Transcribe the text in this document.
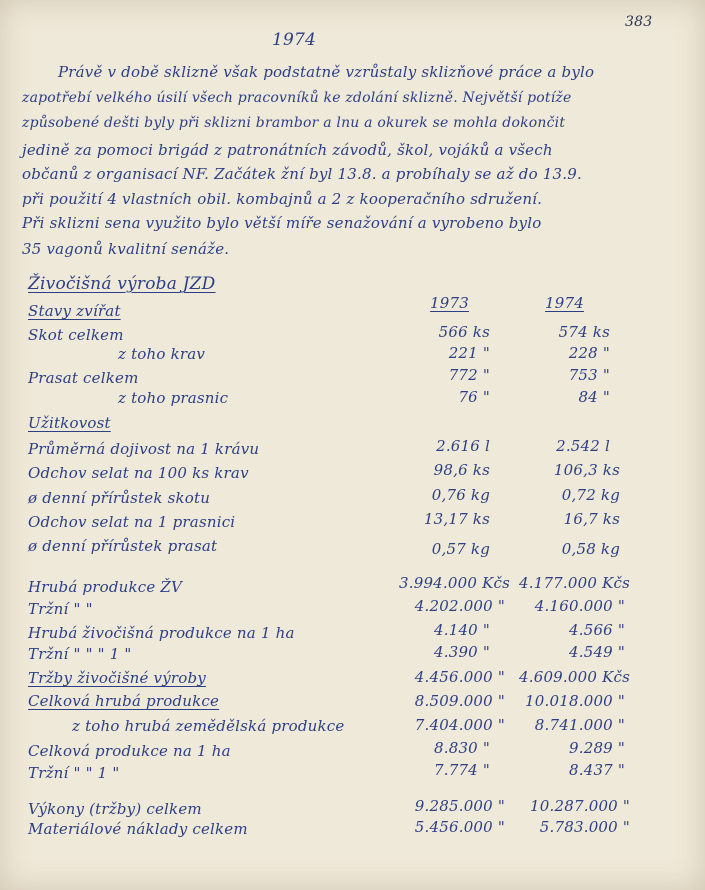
383
1974
Právě v době sklizně však podstatně vzrůstaly sklizňové práce a bylo
zapotřebí velkého úsilí všech pracovníků ke zdolání sklizně. Největší potíže
způsobené dešti byly při sklizni brambor a lnu a okurek se mohla dokončit
jedině za pomoci brigád z patronátních závodů, škol, vojáků a všech
občanů z organisací NF. Začátek žní byl 13.8. a probíhaly se až do 13.9.
při použití 4 vlastních obil. kombajnů a 2 z kooperačního sdružení.
Při sklizni sena využito bylo větší míře senažování a vyrobeno bylo
35 vagonů kvalitní senáže.
Živočišná výroba JZD
1973	1974
Stavy zvířat
Skot celkem	566 ks	574 ks
z toho krav	221 "	228 "
Prasat celkem	772 "	753 "
z toho prasnic	76 "	84 "
Užitkovost
Průměrná dojivost na 1 krávu	2.616 l	2.542 l
Odchov selat na 100 ks krav	98,6 ks	106,3 ks
ø denní přírůstek skotu	0,76 kg	0,72 kg
Odchov selat na 1 prasnici	13,17 ks	16,7 ks
ø denní přírůstek prasat	0,57 kg	0,58 kg
Hrubá produkce ŽV	3.994.000 Kčs 4.177.000 Kčs
Tržní " "	4.202.000 "	4.160.000 "
Hrubá živočišná produkce na 1 ha	4.140 "	4.566 "
Tržní " " " 1 "	4.390 "	4.549 "
Tržby živočišné výroby	4.456.000 " 4.609.000 Kčs
Celková hrubá produkce	8.509.000 "	10.018.000 "
z toho hrubá zemědělská produkce	7.404.000 "	8.741.000 "
Celková produkce na 1 ha	8.830 "	9.289 "
Tržní " " 1 "	7.774 "	8.437 "
Výkony (tržby) celkem	9.285.000 "	10.287.000 "
Materiálové náklady celkem	5.456.000 "	5.783.000 "
